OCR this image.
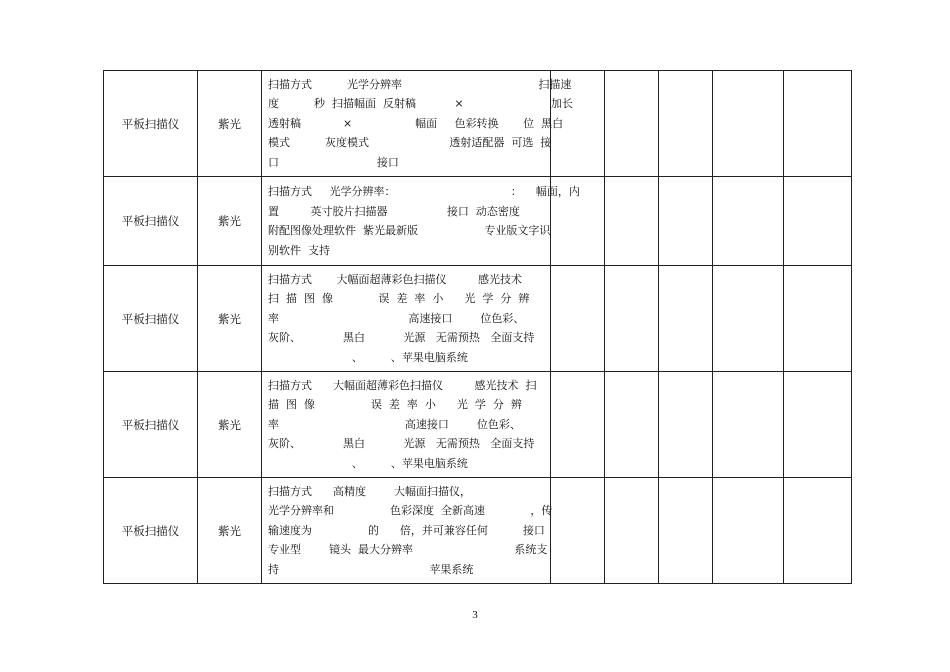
平板扫描仪	紫光	扫描方式          光学分辨率                                       扫描速
度          秒  扫描幅面  反射稿           ×                         加长
透射稿            ×                  幅面     色彩转换       位  黑白
模式          灰度模式                       透射适配器  可选  接
口                            接口					

平板扫描仪	紫光	扫描方式     光学分辨率：                                 ：    幅面，内
置         英寸胶片扫描器                 接口  动态密度
附配图像处理软件  紫光最新版                   专业版文字识
别软件  支持					

平板扫描仪	紫光	扫描方式       大幅面超薄彩色扫描仪         感光技术
扫  描  图  像             误  差  率  小      光  学  分  辨
率                                     高速接口        位色彩、
灰阶、            黑白           光源   无需预热   全面支持
、        、苹果电脑系统					

平板扫描仪	紫光	扫描方式      大幅面超薄彩色扫描仪         感光技术  扫
描  图  像                误  差  率  小      光  学  分  辨
率                                    高速接口        位色彩、
灰阶、            黑白           光源   无需预热   全面支持
、        、苹果电脑系统					

平板扫描仪	紫光	扫描方式      高精度        大幅面扫描仪，
光学分辨率和                色彩深度  全新高速             ，传
输速度为                的      倍，并可兼容任何          接口
专业型        镜头  最大分辨率                             系统支
持                                           苹果系统					

3
